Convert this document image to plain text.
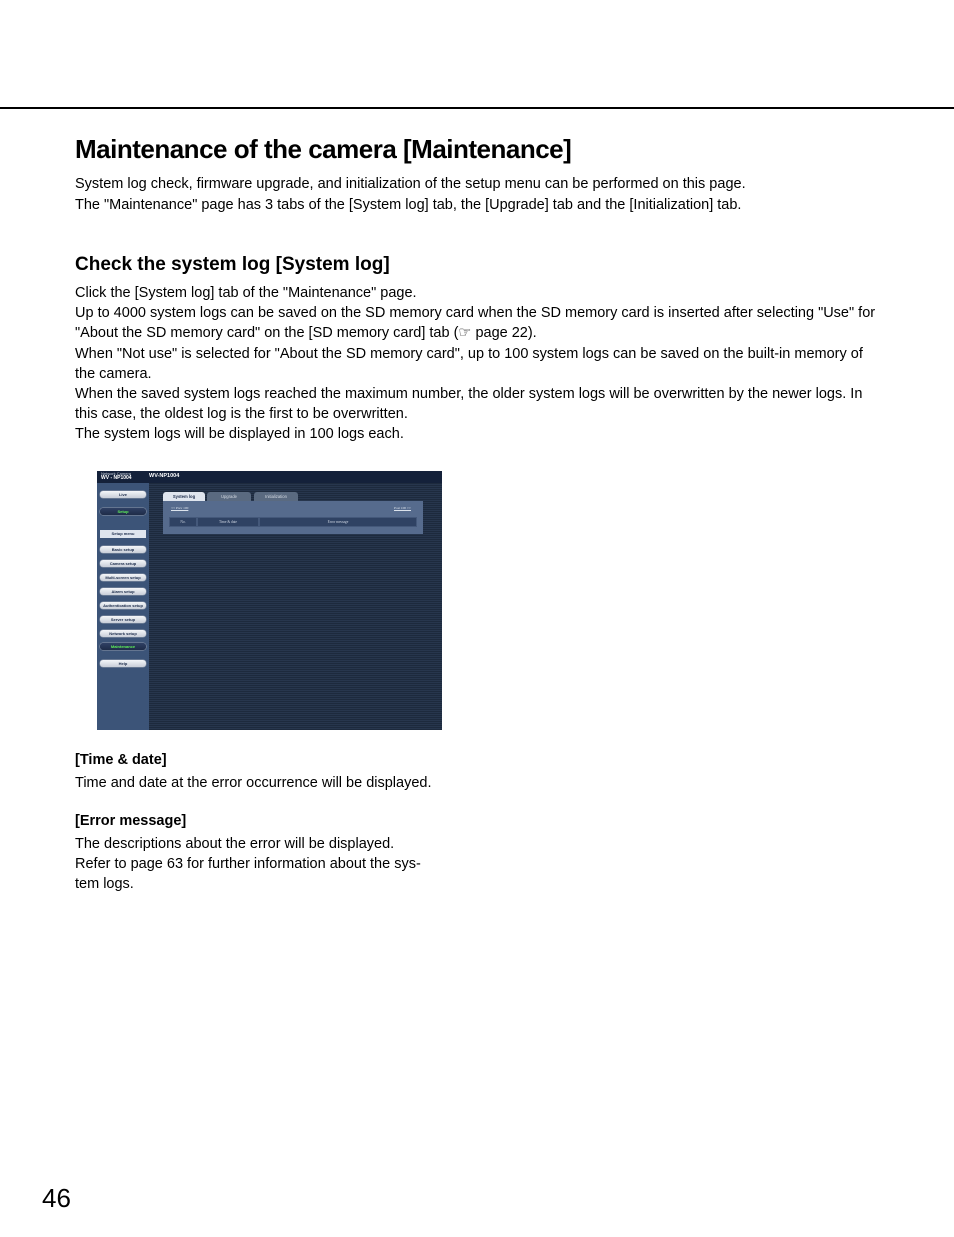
Maintenance of the camera [Maintenance]

System log check, firmware upgrade, and initialization of the setup menu can be performed on this page.

The "Maintenance" page has 3 tabs of the [System log] tab, the [Upgrade] tab and the [Initialization] tab.

Check the system log [System log]

Click the [System log] tab of the "Maintenance" page.

Up to 4000 system logs can be saved on the SD memory card when the SD memory card is inserted after selecting "Use" for "About the SD memory card" on the [SD memory card] tab (☞ page 22).

When "Not use" is selected for "About the SD memory card", up to 100 system logs can be saved on the built-in memory of the camera.

When the saved system logs reached the maximum number, the older system logs will be overwritten by the newer logs. In this case, the oldest log is the first to be overwritten.

The system logs will be displayed in 100 logs each.

Network Camera
WV - NP1004	WV-NP1004
Live
Setup
Setup menu
Basic setup
Camera setup
Multi-screen setup
Alarm setup
Authentication setup
Server setup
Network setup
Maintenance
Help
System log	Upgrade	Initialization
<< Prev 100	Post 100 >>
No.	Time & date	Error message
[Time & date]

Time and date at the error occurrence will be displayed.

[Error message]

The descriptions about the error will be displayed.

Refer to page 63 for further information about the sys-

tem logs.

46
